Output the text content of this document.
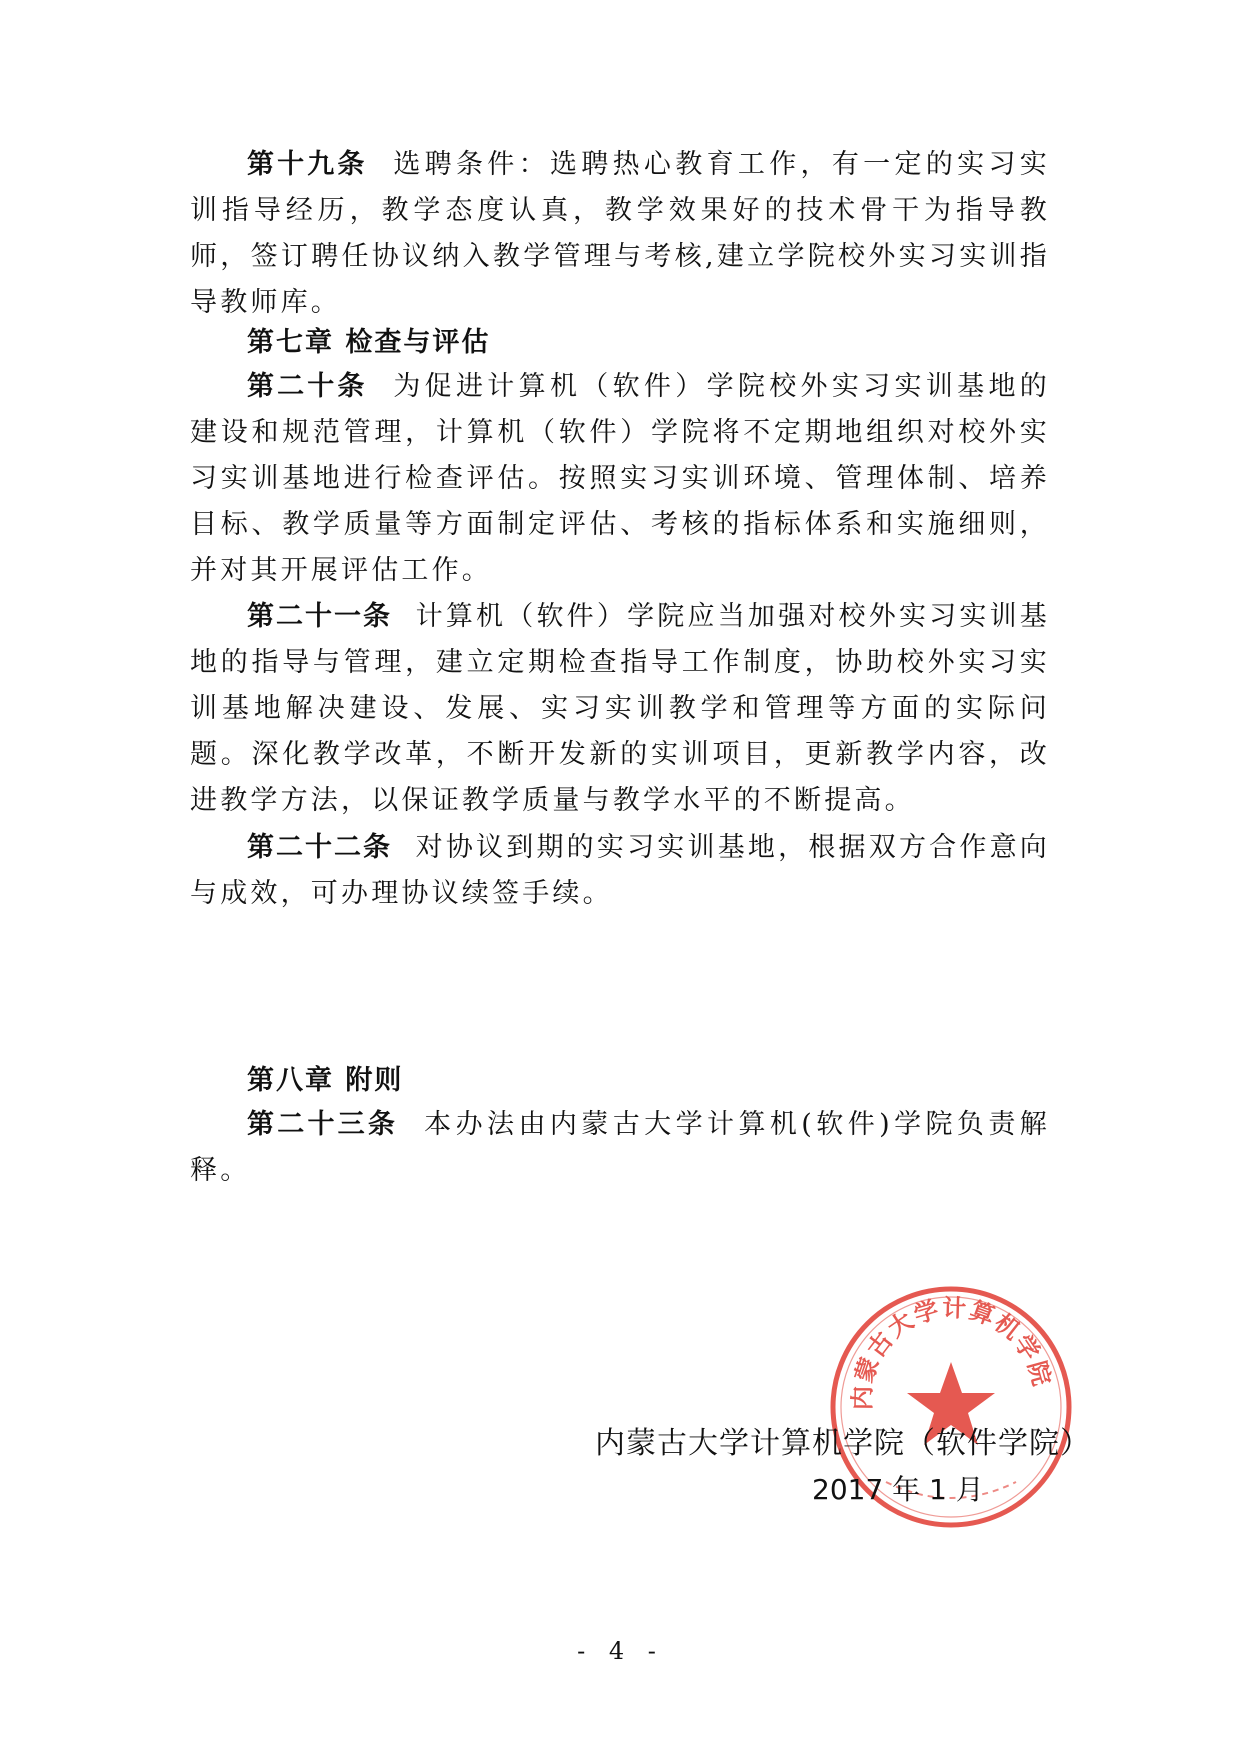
第十九条 选聘条件：选聘热心教育工作，有一定的实习实训指导经历，教学态度认真，教学效果好的技术骨干为指导教师，签订聘任协议纳入教学管理与考核,建立学院校外实习实训指导教师库。

第七章 检查与评估

第二十条 为促进计算机（软件）学院校外实习实训基地的建设和规范管理，计算机（软件）学院将不定期地组织对校外实习实训基地进行检查评估。按照实习实训环境、管理体制、培养目标、教学质量等方面制定评估、考核的指标体系和实施细则，并对其开展评估工作。

第二十一条 计算机（软件）学院应当加强对校外实习实训基地的指导与管理，建立定期检查指导工作制度，协助校外实习实训基地解决建设、发展、实习实训教学和管理等方面的实际问题。深化教学改革，不断开发新的实训项目，更新教学内容，改进教学方法，以保证教学质量与教学水平的不断提高。

第二十二条 对协议到期的实习实训基地，根据双方合作意向与成效，可办理协议续签手续。

第八章 附则

第二十三条 本办法由内蒙古大学计算机(软件)学院负责解释。

内蒙古大学计算机学院
内蒙古大学计算机学院（软件学院）
2017 年 1 月
- 4 -
